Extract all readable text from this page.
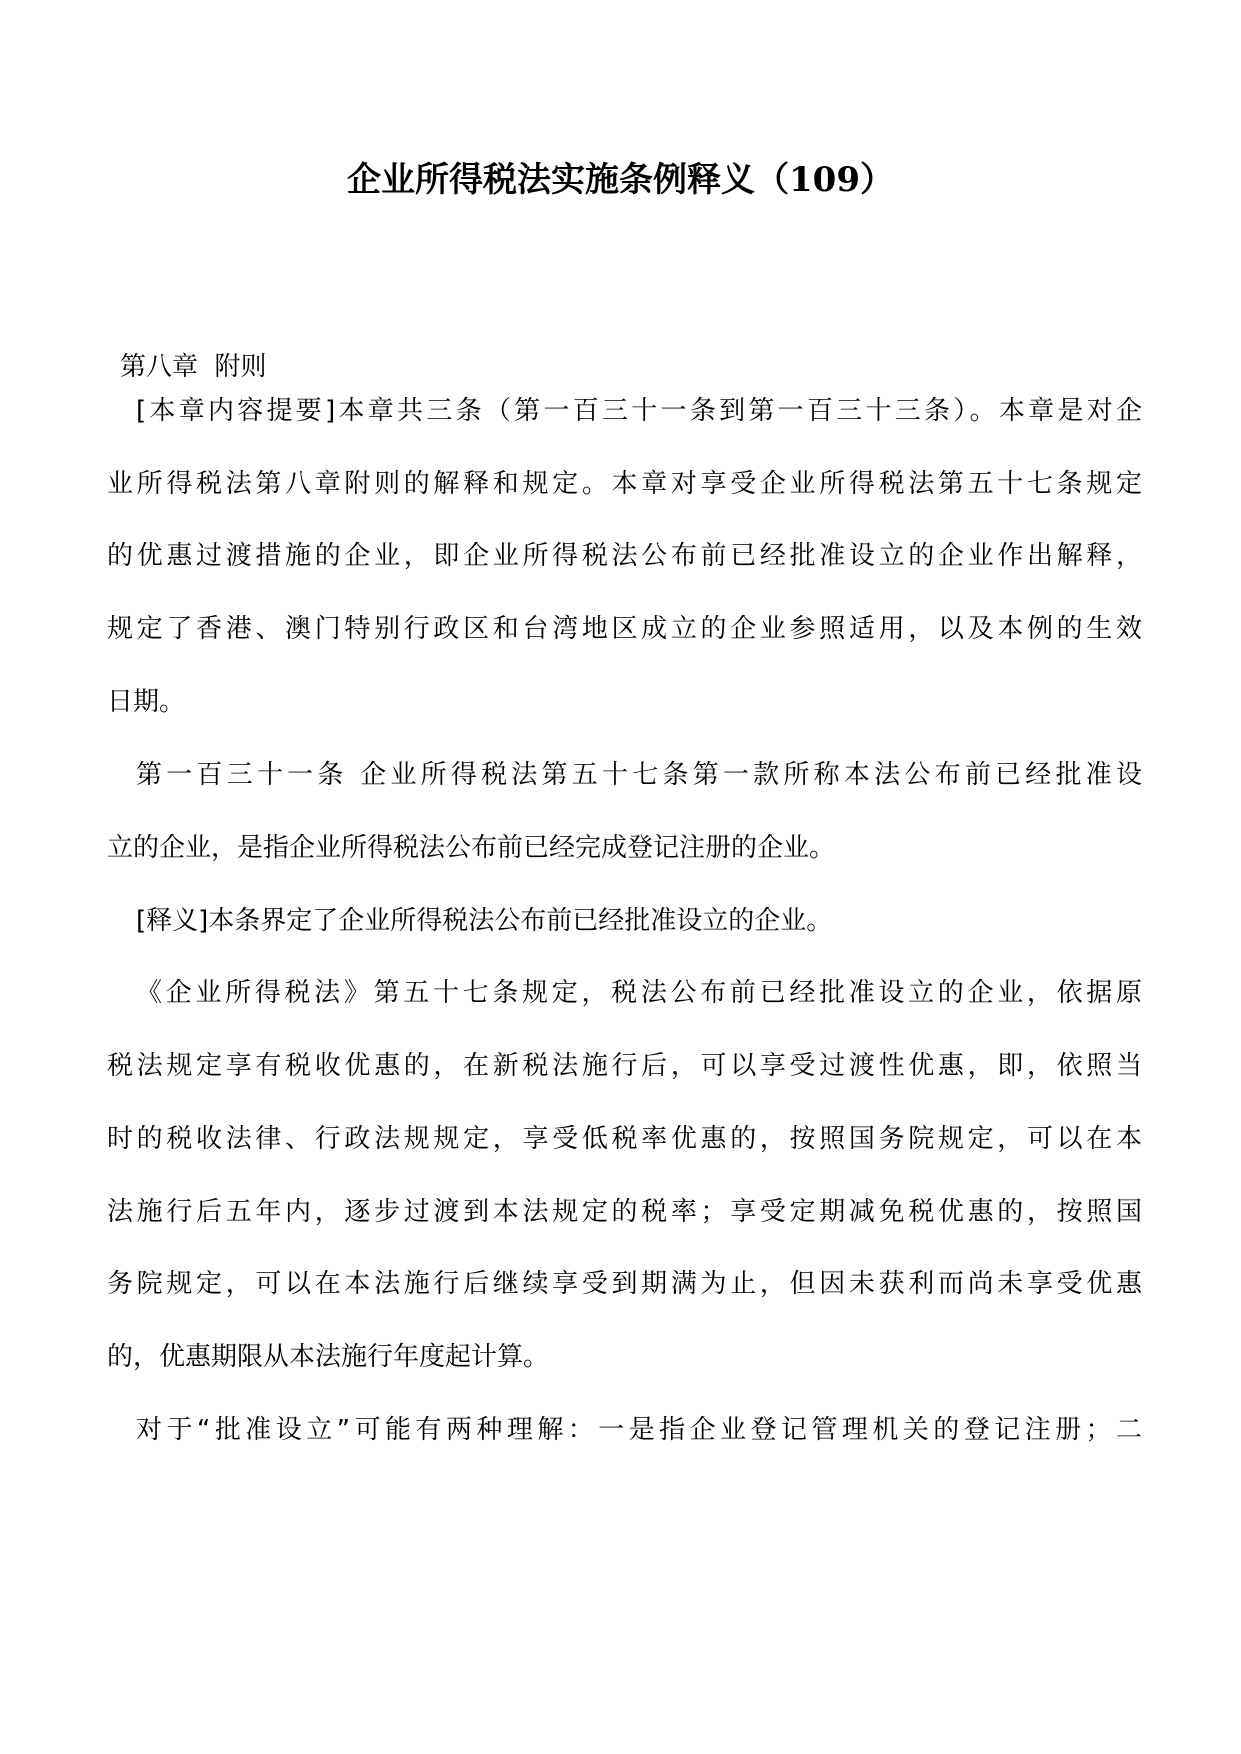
企业所得税法实施条例释义（109）
第八章  附则
[本章内容提要]本章共三条（第一百三十一条到第一百三十三条）。本章是对企
业所得税法第八章附则的解释和规定。本章对享受企业所得税法第五十七条规定
的优惠过渡措施的企业，即企业所得税法公布前已经批准设立的企业作出解释，
规定了香港、澳门特别行政区和台湾地区成立的企业参照适用，以及本例的生效
日期。
第一百三十一条 企业所得税法第五十七条第一款所称本法公布前已经批准设
立的企业，是指企业所得税法公布前已经完成登记注册的企业。
[释义]本条界定了企业所得税法公布前已经批准设立的企业。
《企业所得税法》第五十七条规定，税法公布前已经批准设立的企业，依据原
税法规定享有税收优惠的，在新税法施行后，可以享受过渡性优惠，即，依照当
时的税收法律、行政法规规定，享受低税率优惠的，按照国务院规定，可以在本
法施行后五年内，逐步过渡到本法规定的税率；享受定期减免税优惠的，按照国
务院规定，可以在本法施行后继续享受到期满为止，但因未获利而尚未享受优惠
的，优惠期限从本法施行年度起计算。
对于“批准设立”可能有两种理解：一是指企业登记管理机关的登记注册；二
